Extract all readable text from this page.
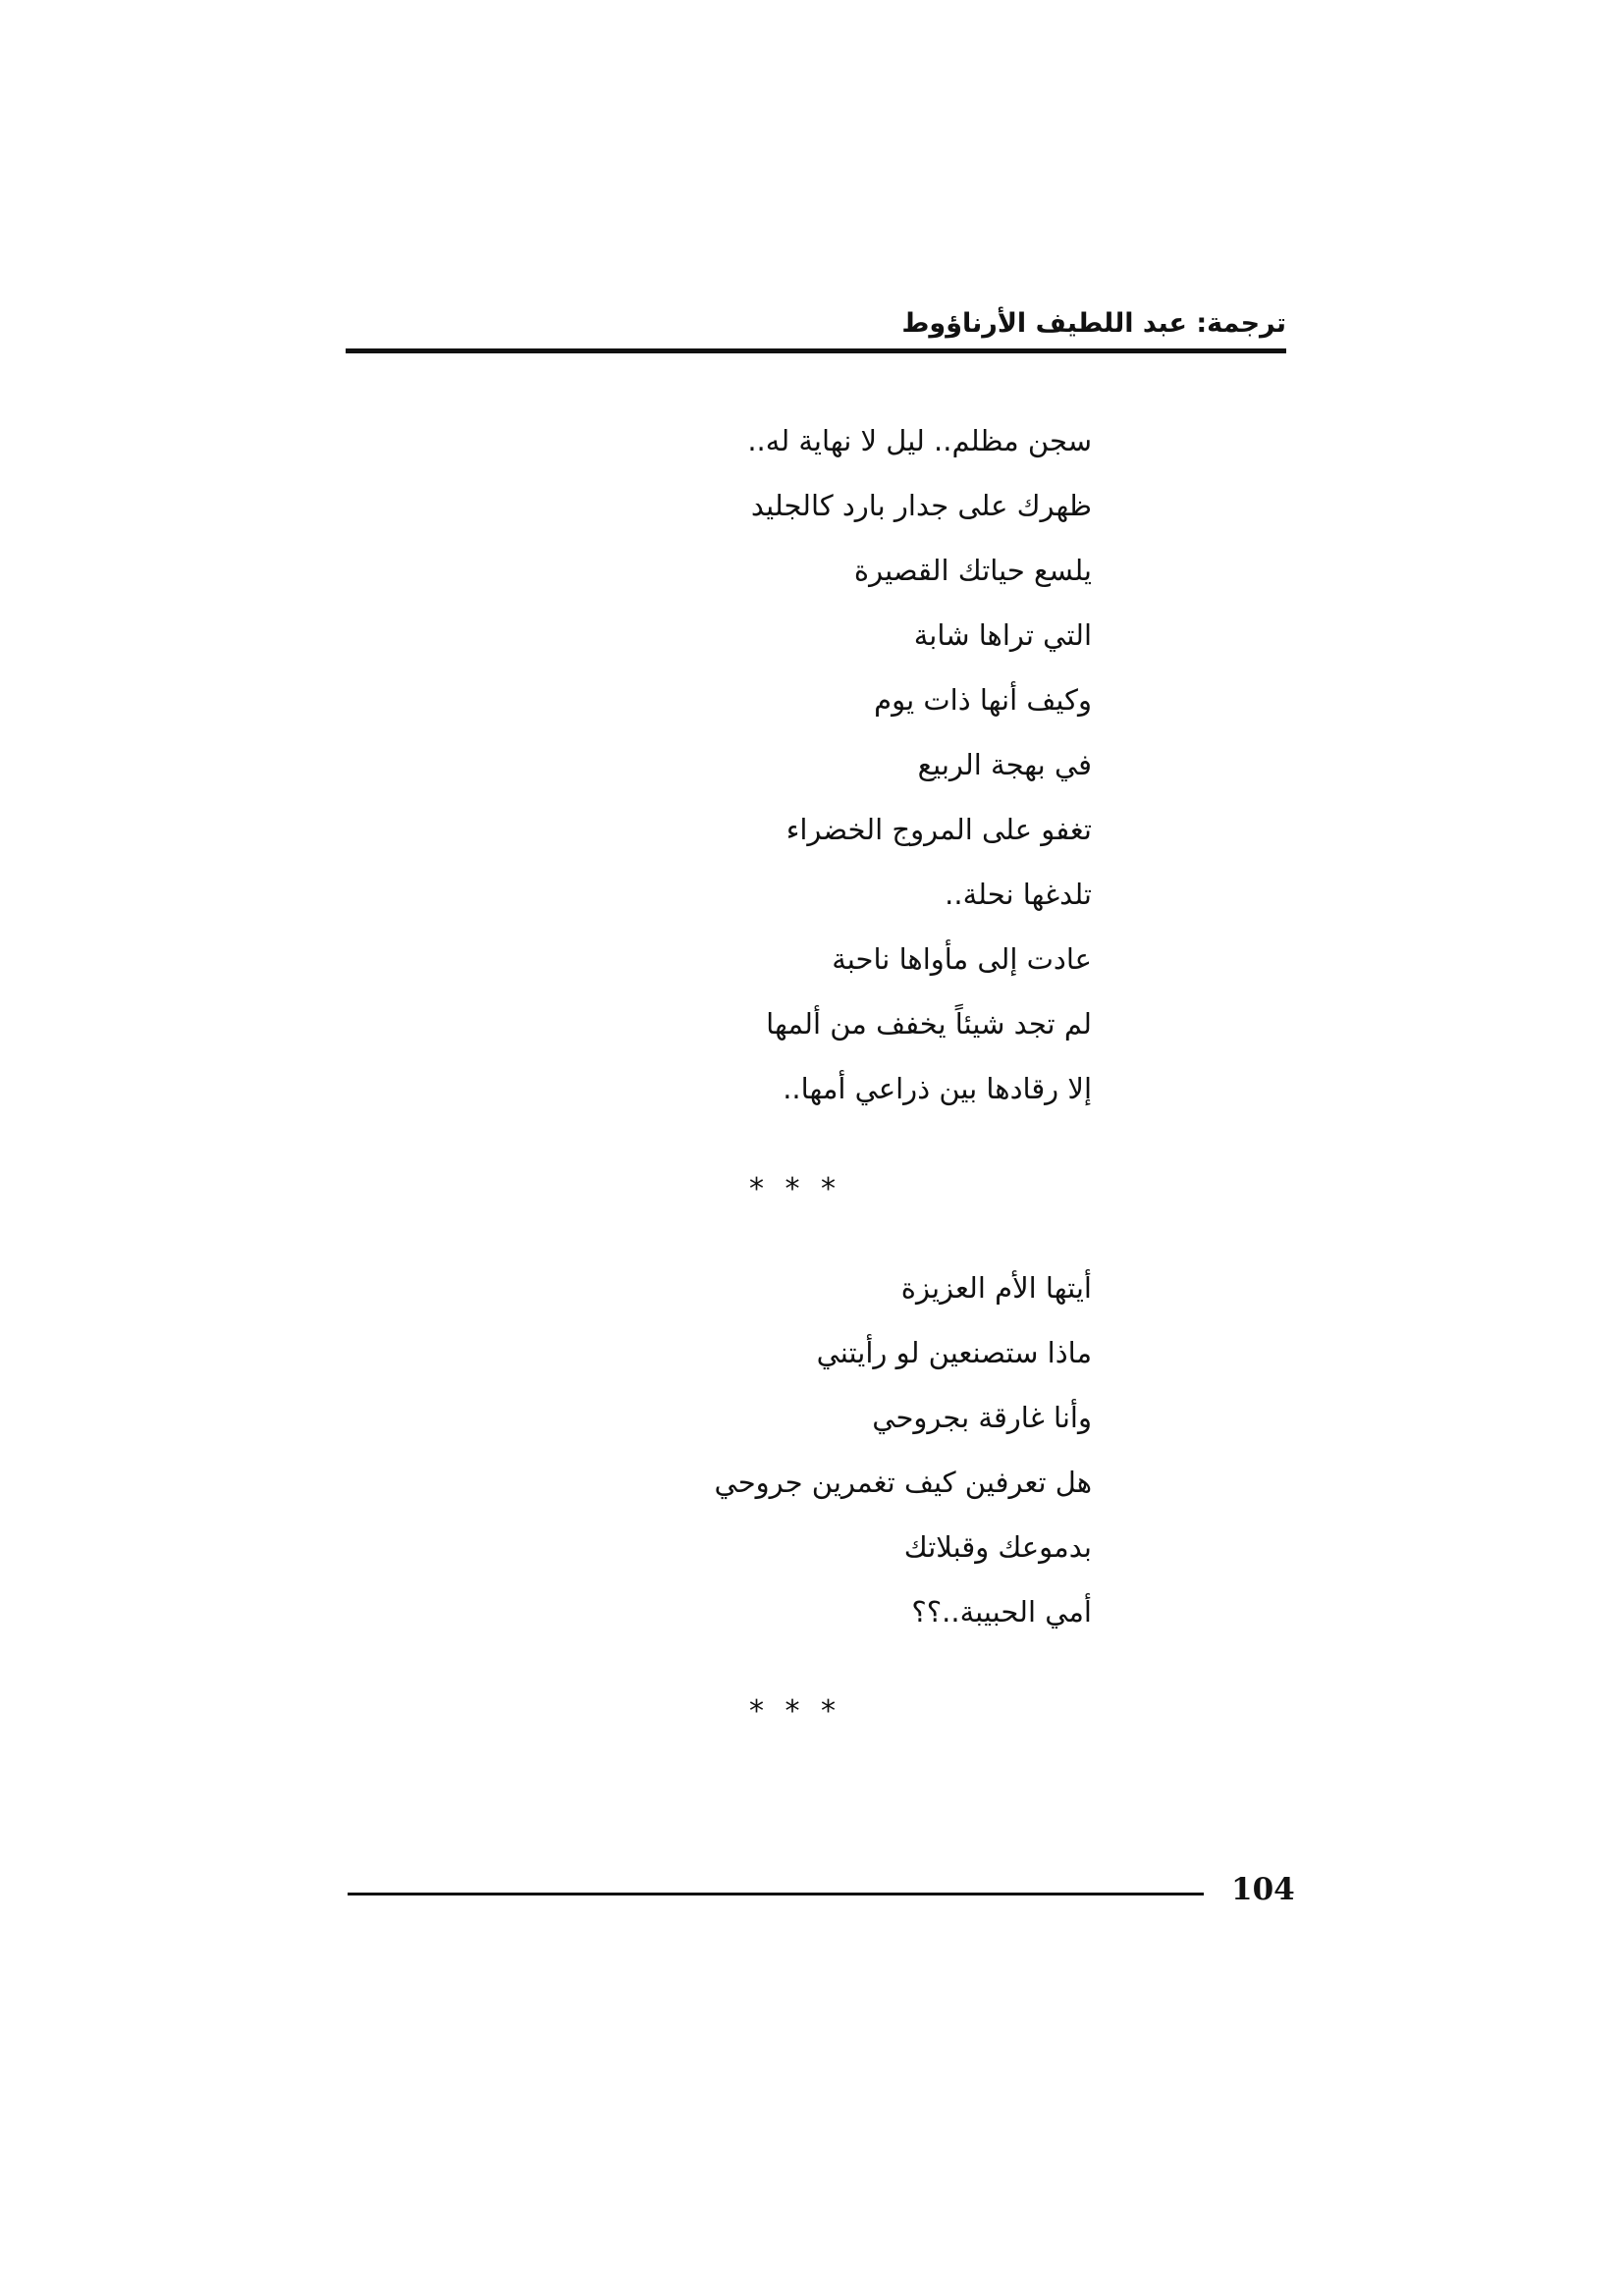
ترجمة: عبد اللطيف الأرناؤوط
سجن مظلم.. ليل لا نهاية له..
ظهرك على جدار بارد كالجليد
يلسع حياتك القصيرة
التي تراها شابة
وكيف أنها ذات يوم
في بهجة الربيع
تغفو على المروج الخضراء
تلدغها نحلة..
عادت إلى مأواها ناحبة
لم تجد شيئاً يخفف من ألمها
إلا رقادها بين ذراعي أمها..
* * *
أيتها الأم العزيزة
ماذا ستصنعين لو رأيتني
وأنا غارقة بجروحي
هل تعرفين كيف تغمرين جروحي
بدموعك وقبلاتك
أمي الحبيبة..؟؟
* * *
104
